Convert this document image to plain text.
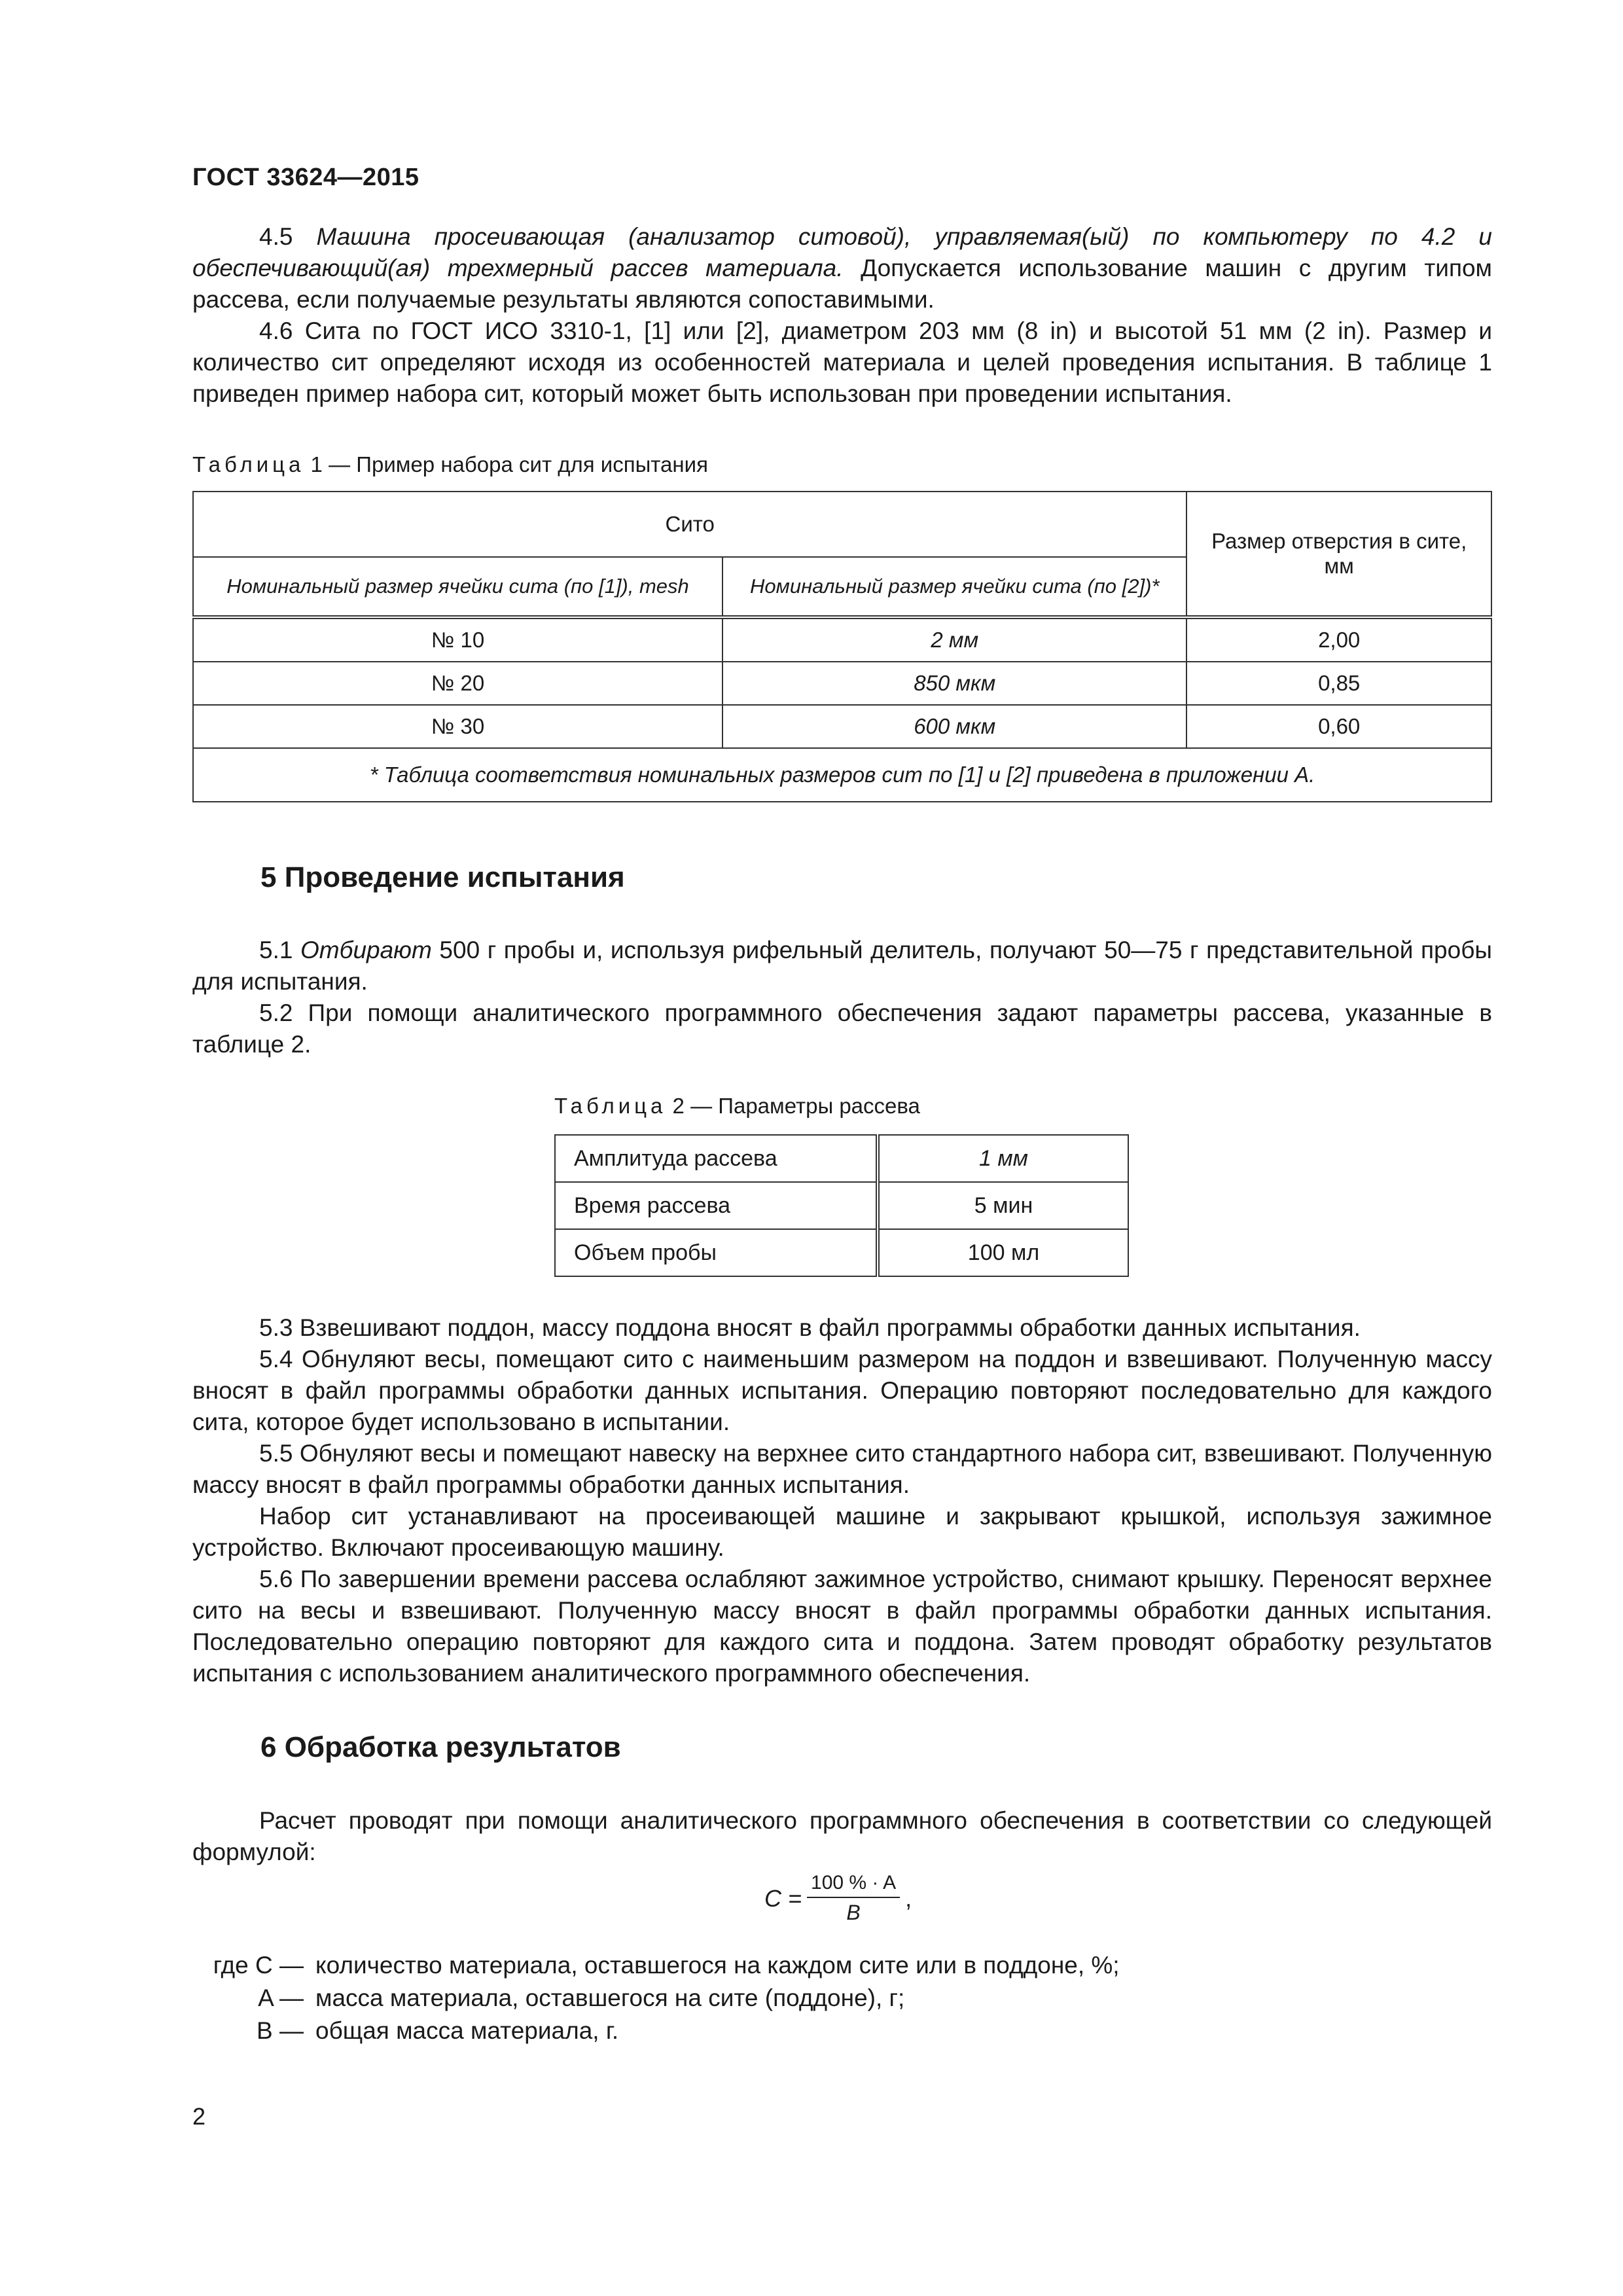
ГОСТ 33624—2015

4.5 Машина просеивающая (анализатор ситовой), управляемая(ый) по компьютеру по 4.2 и обеспечивающий(ая) трехмерный рассев материала. Допускается использование машин с другим типом рассева, если получаемые результаты являются сопоставимыми.

4.6 Сита по ГОСТ ИСО 3310-1, [1] или [2], диаметром 203 мм (8 in) и высотой 51 мм (2 in). Размер и количество сит определяют исходя из особенностей материала и целей проведения испытания. В таблице 1 приведен пример набора сит, который может быть использован при проведении испытания.

Таблица 1 — Пример набора сит для испытания
Сито		Размер отверстия в сите, мм
Номинальный размер ячейки сита (по [1]), mesh	Номинальный размер ячейки сита (по [2])*	
№ 10	2 мм	2,00
№ 20	850 мкм	0,85
№ 30	600 мкм	0,60
* Таблица соответствия номинальных размеров сит по [1] и [2] приведена в приложении А.		
5 Проведение испытания

5.1 Отбирают 500 г пробы и, используя рифельный делитель, получают 50—75 г представительной пробы для испытания.

5.2 При помощи аналитического программного обеспечения задают параметры рассева, указанные в таблице 2.

Таблица 2 — Параметры рассева
Амплитуда рассева	1 мм
Время рассева	5 мин
Объем пробы	100 мл

5.3 Взвешивают поддон, массу поддона вносят в файл программы обработки данных испытания.

5.4 Обнуляют весы, помещают сито с наименьшим размером на поддон и взвешивают. Полученную массу вносят в файл программы обработки данных испытания. Операцию повторяют последовательно для каждого сита, которое будет использовано в испытании.

5.5 Обнуляют весы и помещают навеску на верхнее сито стандартного набора сит, взвешивают. Полученную массу вносят в файл программы обработки данных испытания.

Набор сит устанавливают на просеивающей машине и закрывают крышкой, используя зажимное устройство. Включают просеивающую машину.

5.6 По завершении времени рассева ослабляют зажимное устройство, снимают крышку. Переносят верхнее сито на весы и взвешивают. Полученную массу вносят в файл программы обработки данных испытания. Последовательно операцию повторяют для каждого сита и поддона. Затем проводят обработку результатов испытания с использованием аналитического программного обеспечения.

6 Обработка результатов

Расчет проводят при помощи аналитического программного обеспечения в соответствии со следующей формулой:

$C = \frac{100 \% \cdot A}{B}$ ,
где C — количество материала, оставшегося на каждом сите или в поддоне, %;
A — масса материала, оставшегося на сите (поддоне), г;
B — общая масса материала, г.
2
